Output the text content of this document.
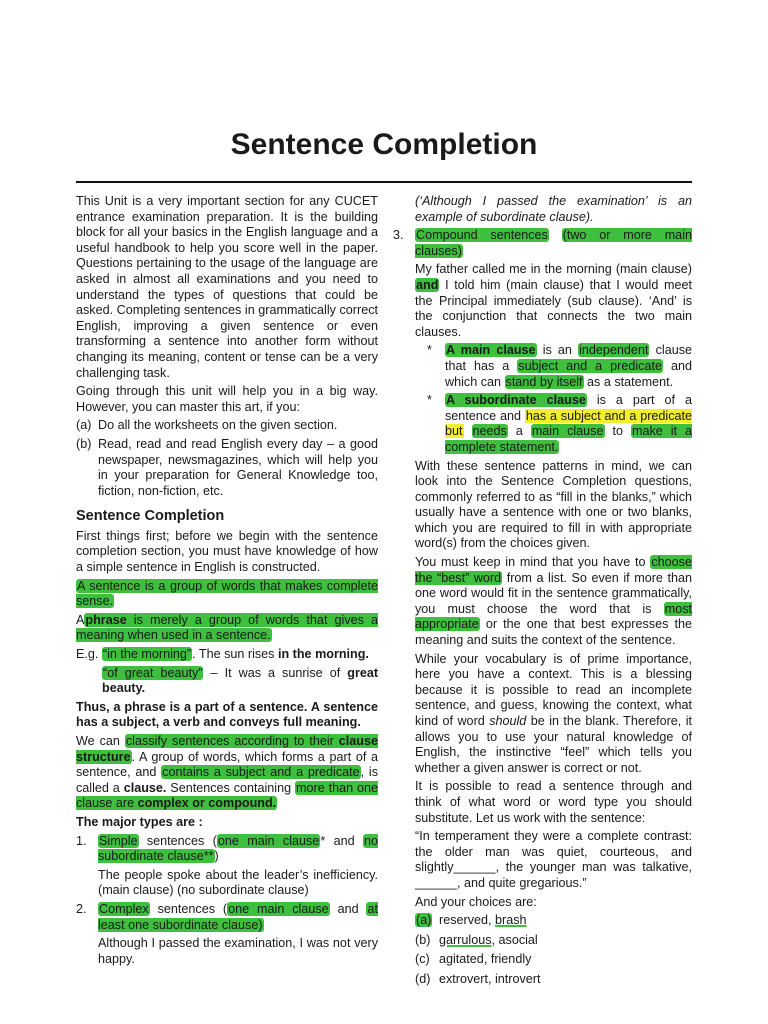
Sentence Completion

This Unit is a very important section for any CUCET entrance examination preparation. It is the building block for all your basics in the English language and a useful handbook to help you score well in the paper. Questions pertaining to the usage of the language are asked in almost all examinations and you need to understand the types of questions that could be asked. Completing sentences in grammatically correct English, improving a given sentence or even transforming a sentence into another form without changing its meaning, content or tense can be a very challenging task.

Going through this unit will help you in a big way. However, you can master this art, if you:

(a) Do all the worksheets on the given section.
(b) Read, read and read English every day – a good newspaper, newsmagazines, which will help you in your preparation for General Knowledge too, fiction, non-fiction, etc.
Sentence Completion

First things first; before we begin with the sentence completion section, you must have knowledge of how a simple sentence in English is constructed.

A sentence is a group of words that makes complete sense.

Aphrase is merely a group of words that gives a meaning when used in a sentence.

E.g. “in the morning”. The sun rises in the morning.

“of great beauty” – It was a sunrise of great beauty.

Thus, a phrase is a part of a sentence. A sentence has a subject, a verb and conveys full meaning.

We can classify sentences according to their clause structure. A group of words, which forms a part of a sentence, and contains a subject and a predicate, is called a clause. Sentences containing more than one clause are complex or compound.

The major types are :

1. Simple sentences (one main clause* and no subordinate clause**)

The people spoke about the leader’s inefficiency. (main clause) (no subordinate clause)

2. Complex sentences (one main clause and at least one subordinate clause)

Although I passed the examination, I was not very happy.

(‘Although I passed the examination’ is an example of subordinate clause).

3. Compound sentences (two or more main clauses)

My father called me in the morning (main clause) and I told him (main clause) that I would meet the Principal immediately (sub clause). ‘And’ is the conjunction that connects the two main clauses.

*	A main clause is an independent clause that has a subject and a predicate and which can stand by itself as a statement.
*	A subordinate clause is a part of a sentence and has a subject and a predicate but needs a main clause to make it a complete statement.

With these sentence patterns in mind, we can look into the Sentence Completion questions, commonly referred to as “fill in the blanks,” which usually have a sentence with one or two blanks, which you are required to fill in with appropriate word(s) from the choices given.

You must keep in mind that you have to choose the “best” word from a list. So even if more than one word would fit in the sentence grammatically, you must choose the word that is most appropriate or the one that best expresses the meaning and suits the context of the sentence.

While your vocabulary is of prime importance, here you have a context. This is a blessing because it is possible to read an incomplete sentence, and guess, knowing the context, what kind of word should be in the blank. Therefore, it allows you to use your natural knowledge of English, the instinctive “feel” which tells you whether a given answer is correct or not.

It is possible to read a sentence through and think of what word or word type you should substitute. Let us work with the sentence:

“In temperament they were a complete contrast: the older man was quiet, courteous, and slightly______, the younger man was talkative, ______, and quite gregarious.”

And your choices are:

(a) reserved, brash
(b) garrulous, asocial
(c) agitated, friendly
(d) extrovert, introvert
